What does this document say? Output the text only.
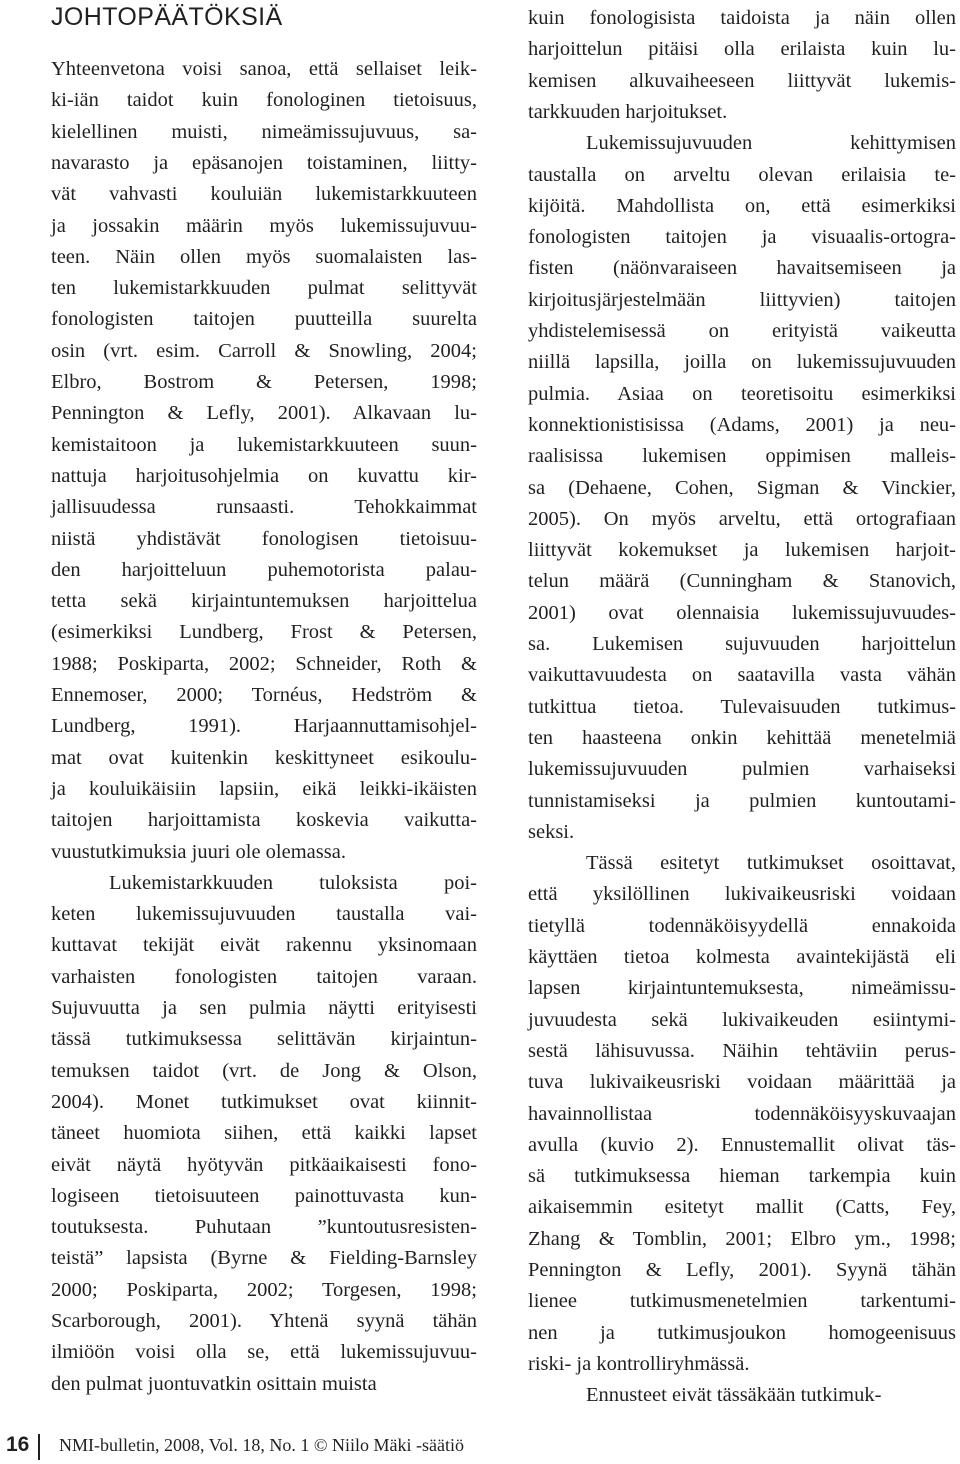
JOHTOPÄÄTÖKSIÄ
Yhteenvetona voisi sanoa, että sellaiset leik-
ki-iän taidot kuin fonologinen tietoisuus,
kielellinen muisti, nimeämissujuvuus, sa-
navarasto ja epäsanojen toistaminen, liitty-
vät vahvasti kouluiän lukemistarkkuuteen
ja jossakin määrin myös lukemissujuvuu-
teen. Näin ollen myös suomalaisten las-
ten lukemistarkkuuden pulmat selittyvät
fonologisten taitojen puutteilla suurelta
osin (vrt. esim. Carroll & Snowling, 2004;
Elbro, Bostrom & Petersen, 1998;
Pennington & Lefly, 2001). Alkavaan lu-
kemistaitoon ja lukemistarkkuuteen suun-
nattuja harjoitusohjelmia on kuvattu kir-
jallisuudessa runsaasti. Tehokkaimmat
niistä yhdistävät fonologisen tietoisuu-
den harjoitteluun puhemotorista palau-
tetta sekä kirjaintuntemuksen harjoittelua
(esimerkiksi Lundberg, Frost & Petersen,
1988; Poskiparta, 2002; Schneider, Roth &
Ennemoser, 2000; Tornéus, Hedström &
Lundberg, 1991). Harjaannuttamisohjel-
mat ovat kuitenkin keskittyneet esikoulu-
ja kouluikäisiin lapsiin, eikä leikki-ikäisten
taitojen harjoittamista koskevia vaikutta-
vuustutkimuksia juuri ole olemassa.
Lukemistarkkuuden tuloksista poi-
keten lukemissujuvuuden taustalla vai-
kuttavat tekijät eivät rakennu yksinomaan
varhaisten fonologisten taitojen varaan.
Sujuvuutta ja sen pulmia näytti erityisesti
tässä tutkimuksessa selittävän kirjaintun-
temuksen taidot (vrt. de Jong & Olson,
2004). Monet tutkimukset ovat kiinnit-
täneet huomiota siihen, että kaikki lapset
eivät näytä hyötyvän pitkäaikaisesti fono-
logiseen tietoisuuteen painottuvasta kun-
toutuksesta. Puhutaan ”kuntoutusresisten-
teistä” lapsista (Byrne & Fielding-Barnsley
2000; Poskiparta, 2002; Torgesen, 1998;
Scarborough, 2001). Yhtenä syynä tähän
ilmiöön voisi olla se, että lukemissujuvuu-
den pulmat juontuvatkin osittain muista
kuin fonologisista taidoista ja näin ollen
harjoittelun pitäisi olla erilaista kuin lu-
kemisen alkuvaiheeseen liittyvät lukemis-
tarkkuuden harjoitukset.
Lukemissujuvuuden kehittymisen
taustalla on arveltu olevan erilaisia te-
kijöitä. Mahdollista on, että esimerkiksi
fonologisten taitojen ja visuaalis-ortogra-
fisten (näönvaraiseen havaitsemiseen ja
kirjoitusjärjestelmään liittyvien) taitojen
yhdistelemisessä on erityistä vaikeutta
niillä lapsilla, joilla on lukemissujuvuuden
pulmia. Asiaa on teoretisoitu esimerkiksi
konnektionistisissa (Adams, 2001) ja neu-
raalisissa lukemisen oppimisen malleis-
sa (Dehaene, Cohen, Sigman & Vinckier,
2005). On myös arveltu, että ortografiaan
liittyvät kokemukset ja lukemisen harjoit-
telun määrä (Cunningham & Stanovich,
2001) ovat olennaisia lukemissujuvuudes-
sa. Lukemisen sujuvuuden harjoittelun
vaikuttavuudesta on saatavilla vasta vähän
tutkittua tietoa. Tulevaisuuden tutkimus-
ten haasteena onkin kehittää menetelmiä
lukemissujuvuuden pulmien varhaiseksi
tunnistamiseksi ja pulmien kuntoutami-
seksi.
Tässä esitetyt tutkimukset osoittavat,
että yksilöllinen lukivaikeusriski voidaan
tietyllä todennäköisyydellä ennakoida
käyttäen tietoa kolmesta avaintekijästä eli
lapsen kirjaintuntemuksesta, nimeämissu-
juvuudesta sekä lukivaikeuden esiintymi-
sestä lähisuvussa. Näihin tehtäviin perus-
tuva lukivaikeusriski voidaan määrittää ja
havainnollistaa todennäköisyyskuvaajan
avulla (kuvio 2). Ennustemallit olivat täs-
sä tutkimuksessa hieman tarkempia kuin
aikaisemmin esitetyt mallit (Catts, Fey,
Zhang & Tomblin, 2001; Elbro ym., 1998;
Pennington & Lefly, 2001). Syynä tähän
lienee tutkimusmenetelmien tarkentumi-
nen ja tutkimusjoukon homogeenisuus
riski- ja kontrolliryhmässä.
Ennusteet eivät tässäkään tutkimuk-
16 NMI-bulletin, 2008, Vol. 18, No. 1 © Niilo Mäki -säätiö
